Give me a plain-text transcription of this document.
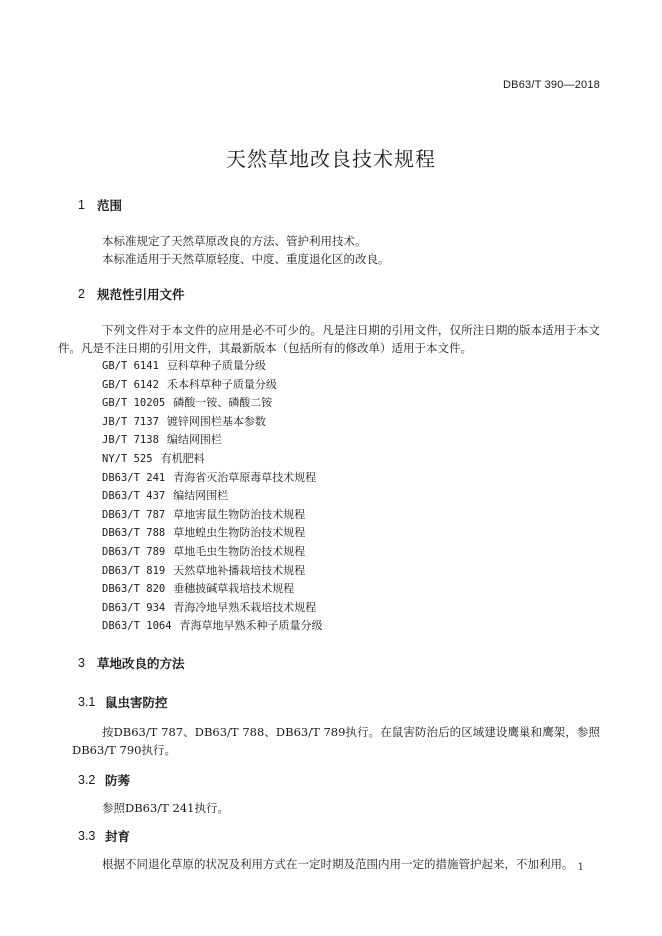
DB63/T 390—2018
天然草地改良技术规程
1 范围

本标准规定了天然草原改良的方法、管护利用技术。

本标准适用于天然草原轻度、中度、重度退化区的改良。

2 规范性引用文件

下列文件对于本文件的应用是必不可少的。凡是注日期的引用文件，仅所注日期的版本适用于本文件。凡是不注日期的引用文件，其最新版本（包括所有的修改单）适用于本文件。

GB/T 6141 豆科草种子质量分级
GB/T 6142 禾本科草种子质量分级
GB/T 10205 磷酸一铵、磷酸二铵
JB/T 7137 镀锌网围栏基本参数
JB/T 7138 编结网围栏
NY/T 525 有机肥料
DB63/T 241 青海省灭治草原毒草技术规程
DB63/T 437 编结网围栏
DB63/T 787 草地害鼠生物防治技术规程
DB63/T 788 草地蝗虫生物防治技术规程
DB63/T 789 草地毛虫生物防治技术规程
DB63/T 819 天然草地补播栽培技术规程
DB63/T 820 垂穗披碱草栽培技术规程
DB63/T 934 青海冷地早熟禾栽培技术规程
DB63/T 1064 青海草地早熟禾种子质量分级
3 草地改良的方法
3.1 鼠虫害防控

按DB63/T 787、DB63/T 788、DB63/T 789执行。在鼠害防治后的区域建设鹰巢和鹰架，参照DB63/T 790执行。

3.2 防莠

参照DB63/T 241执行。

3.3 封育

根据不同退化草原的状况及利用方式在一定时期及范围内用一定的措施管护起来，不加利用。 1
